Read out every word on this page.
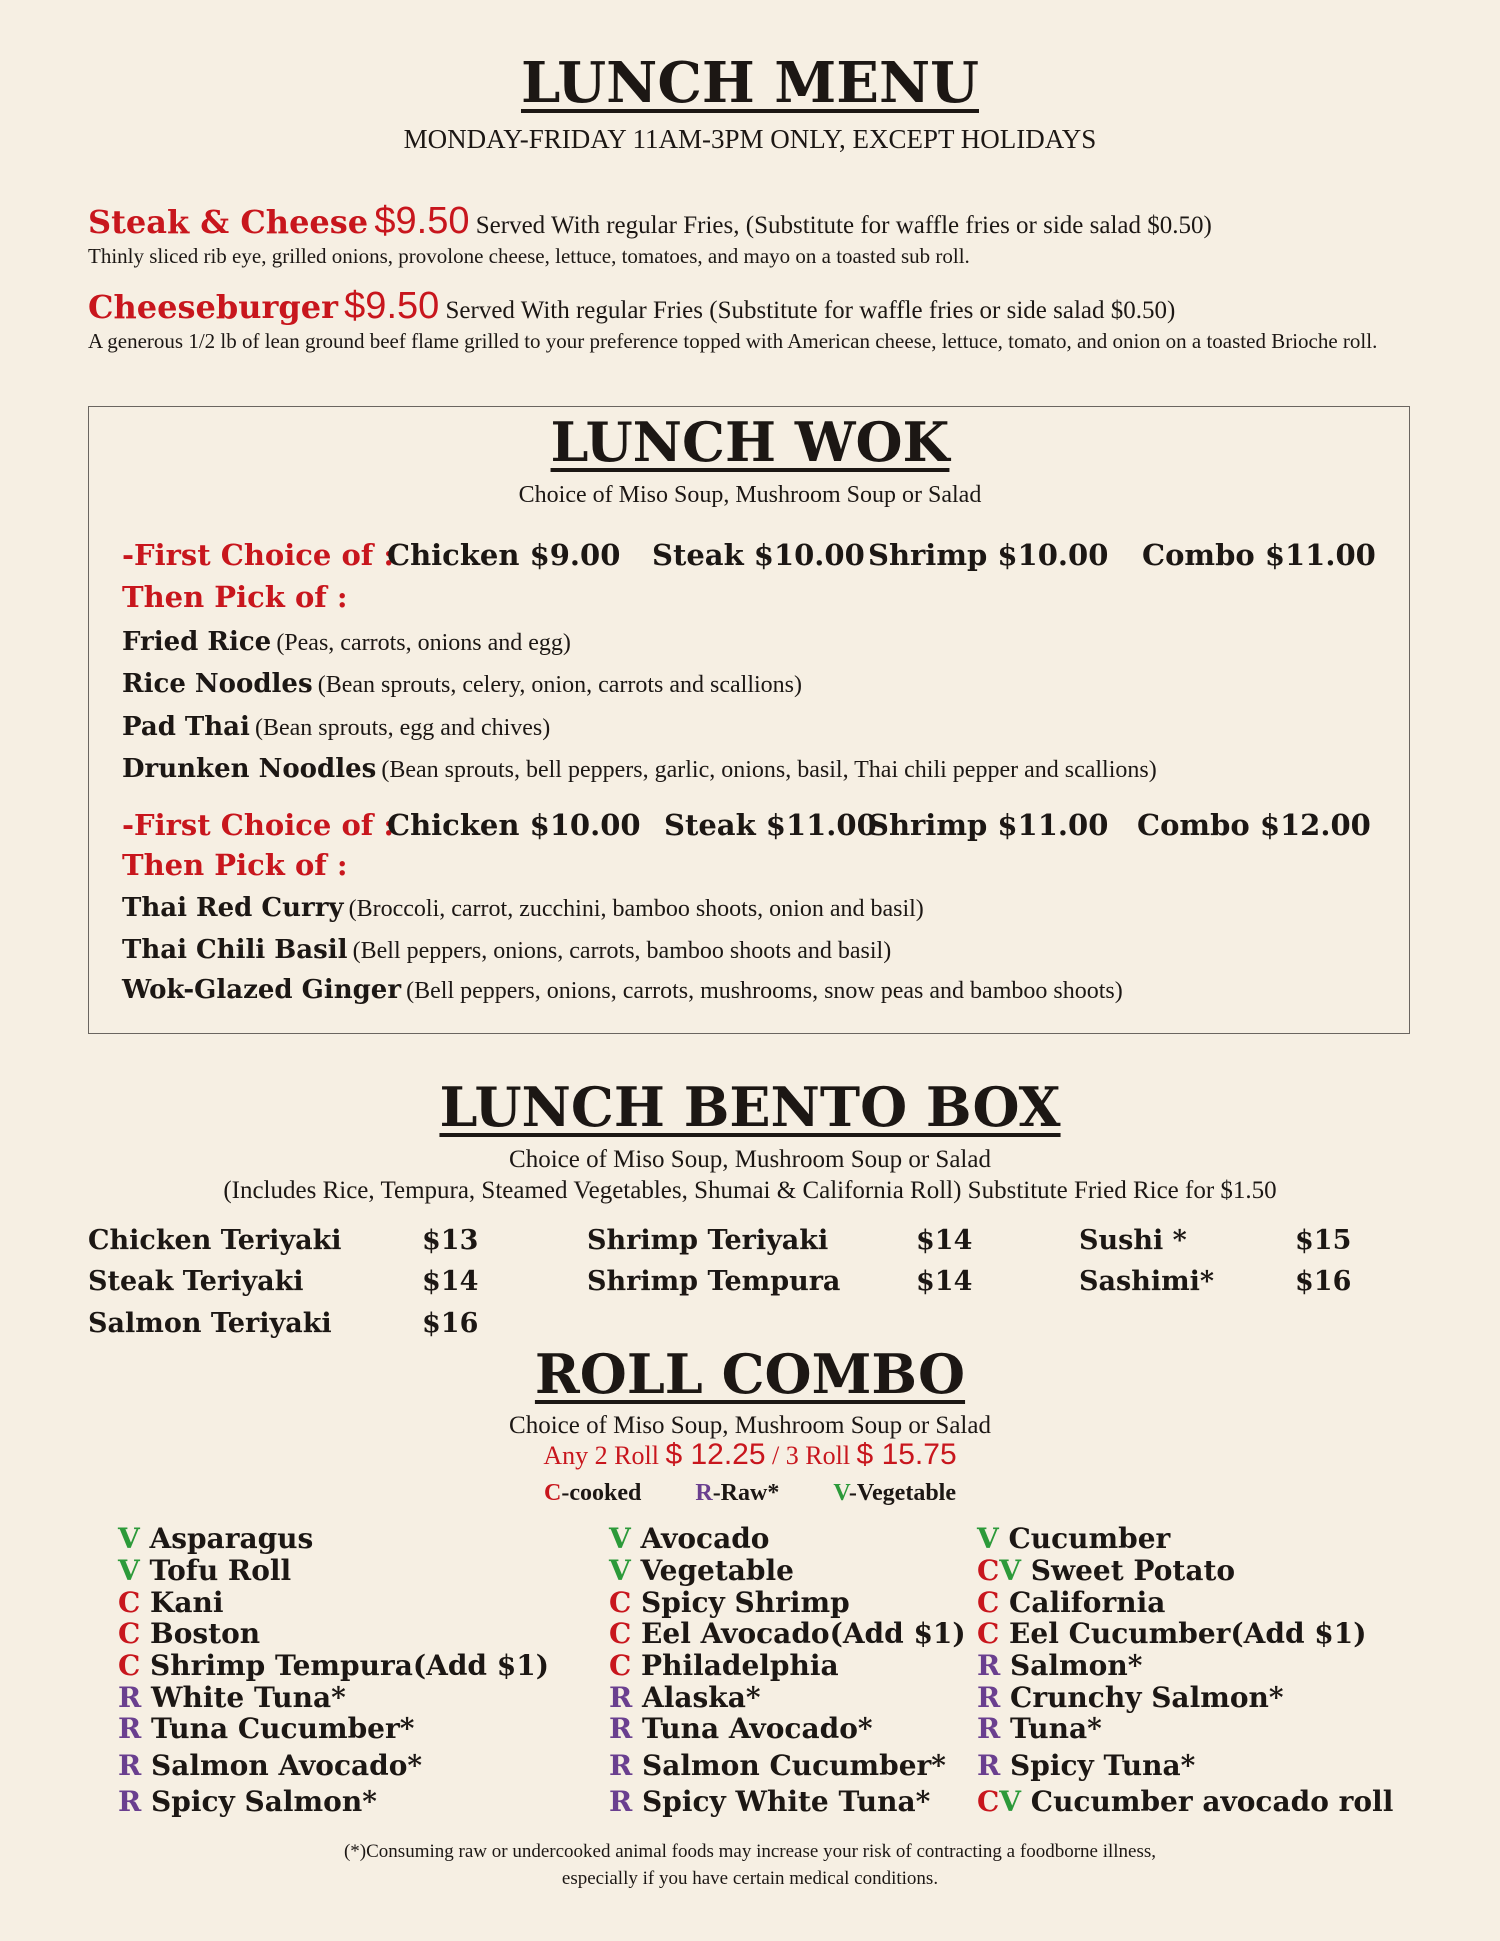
LUNCH MENU
MONDAY-FRIDAY 11AM-3PM ONLY, EXCEPT HOLIDAYS
Steak & Cheese $9.50 Served With regular Fries, (Substitute for waffle fries or side salad $0.50)
Thinly sliced rib eye, grilled onions, provolone cheese, lettuce, tomatoes, and mayo on a toasted sub roll.
Cheeseburger $9.50 Served With regular Fries (Substitute for waffle fries or side salad $0.50)
A generous 1/2 lb of lean ground beef flame grilled to your preference topped with American cheese, lettuce, tomato, and onion on a toasted Brioche roll.
LUNCH WOK
Choice of Miso Soup, Mushroom Soup or Salad
-First Choice of :
Chicken $9.00 Steak $10.00 Shrimp $10.00 Combo $11.00
Then Pick of :
Fried Rice (Peas, carrots, onions and egg)
Rice Noodles (Bean sprouts, celery, onion, carrots and scallions)
Pad Thai (Bean sprouts, egg and chives)
Drunken Noodles (Bean sprouts, bell peppers, garlic, onions, basil, Thai chili pepper and scallions)
-First Choice of :
Chicken $10.00 Steak $11.00
Shrimp $11.00 Combo $12.00
Then Pick of :
Thai Red Curry (Broccoli, carrot, zucchini, bamboo shoots, onion and basil)
Thai Chili Basil (Bell peppers, onions, carrots, bamboo shoots and basil)
Wok-Glazed Ginger (Bell peppers, onions, carrots, mushrooms, snow peas and bamboo shoots)
LUNCH BENTO BOX
Choice of Miso Soup, Mushroom Soup or Salad
(Includes Rice, Tempura, Steamed Vegetables, Shumai & California Roll) Substitute Fried Rice for $1.50
Chicken Teriyaki	$13
Steak Teriyaki	$14
Salmon Teriyaki	$16
Shrimp Teriyaki	$14
Shrimp Tempura	$14
Sushi *	$15
Sashimi*	$16
ROLL COMBO
Choice of Miso Soup, Mushroom Soup or Salad
Any 2 Roll $ 12.25 / 3 Roll $ 15.75
C-cooked R-Raw* V-Vegetable
V Asparagus
V Tofu Roll
C Kani
C Boston
C Shrimp Tempura(Add $1)
R White Tuna*
R Tuna Cucumber*
R Salmon Avocado*
R Spicy Salmon*
V Avocado
V Vegetable
C Spicy Shrimp
C Eel Avocado(Add $1)
C Philadelphia
R Alaska*
R Tuna Avocado*
R Salmon Cucumber*
R Spicy White Tuna*
V Cucumber
CV Sweet Potato
C California
C Eel Cucumber(Add $1)
R Salmon*
R Crunchy Salmon*
R Tuna*
R Spicy Tuna*
CV Cucumber avocado roll
(*)Consuming raw or undercooked animal foods may increase your risk of contracting a foodborne illness,
especially if you have certain medical conditions.
